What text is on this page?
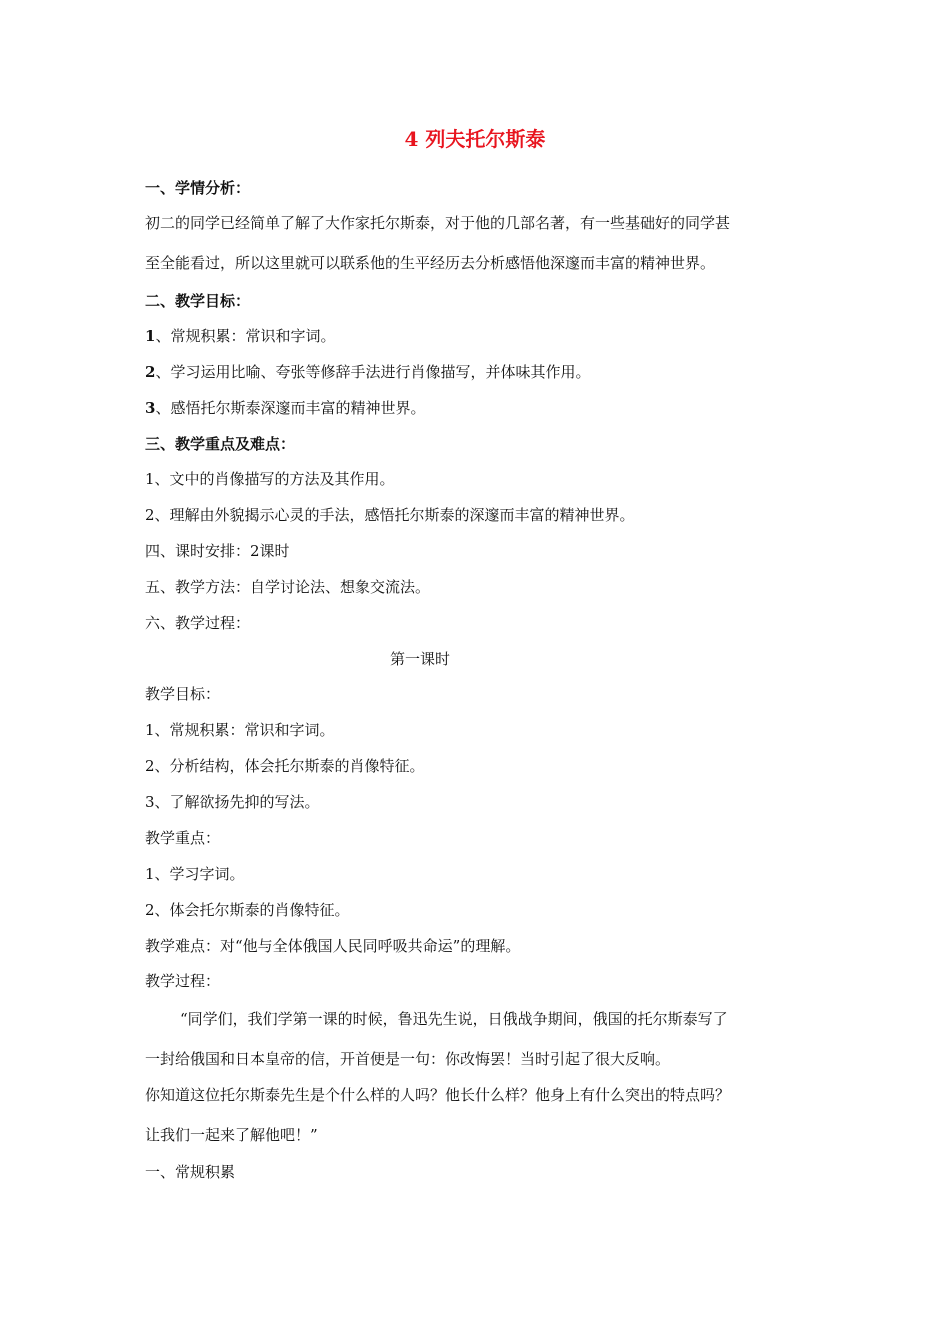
4 列夫托尔斯泰

一、学情分析：

初二的同学已经简单了解了大作家托尔斯泰，对于他的几部名著，有一些基础好的同学甚

至全能看过，所以这里就可以联系他的生平经历去分析感悟他深邃而丰富的精神世界。

二、教学目标：

1、常规积累：常识和字词。

2、学习运用比喻、夸张等修辞手法进行肖像描写，并体味其作用。

3、感悟托尔斯泰深邃而丰富的精神世界。

三、教学重点及难点：

1、文中的肖像描写的方法及其作用。

2、理解由外貌揭示心灵的手法，感悟托尔斯泰的深邃而丰富的精神世界。

四、课时安排：2课时

五、教学方法：自学讨论法、想象交流法。

六、教学过程：

第一课时

教学目标：

1、常规积累：常识和字词。

2、分析结构，体会托尔斯泰的肖像特征。

3、了解欲扬先抑的写法。

教学重点：

1、学习字词。

2、体会托尔斯泰的肖像特征。

教学难点：对“他与全体俄国人民同呼吸共命运”的理解。

教学过程：

“同学们，我们学第一课的时候，鲁迅先生说，日俄战争期间，俄国的托尔斯泰写了

一封给俄国和日本皇帝的信，开首便是一句：你改悔罢！当时引起了很大反响。

你知道这位托尔斯泰先生是个什么样的人吗？他长什么样？他身上有什么突出的特点吗？

让我们一起来了解他吧！”

一、常规积累
